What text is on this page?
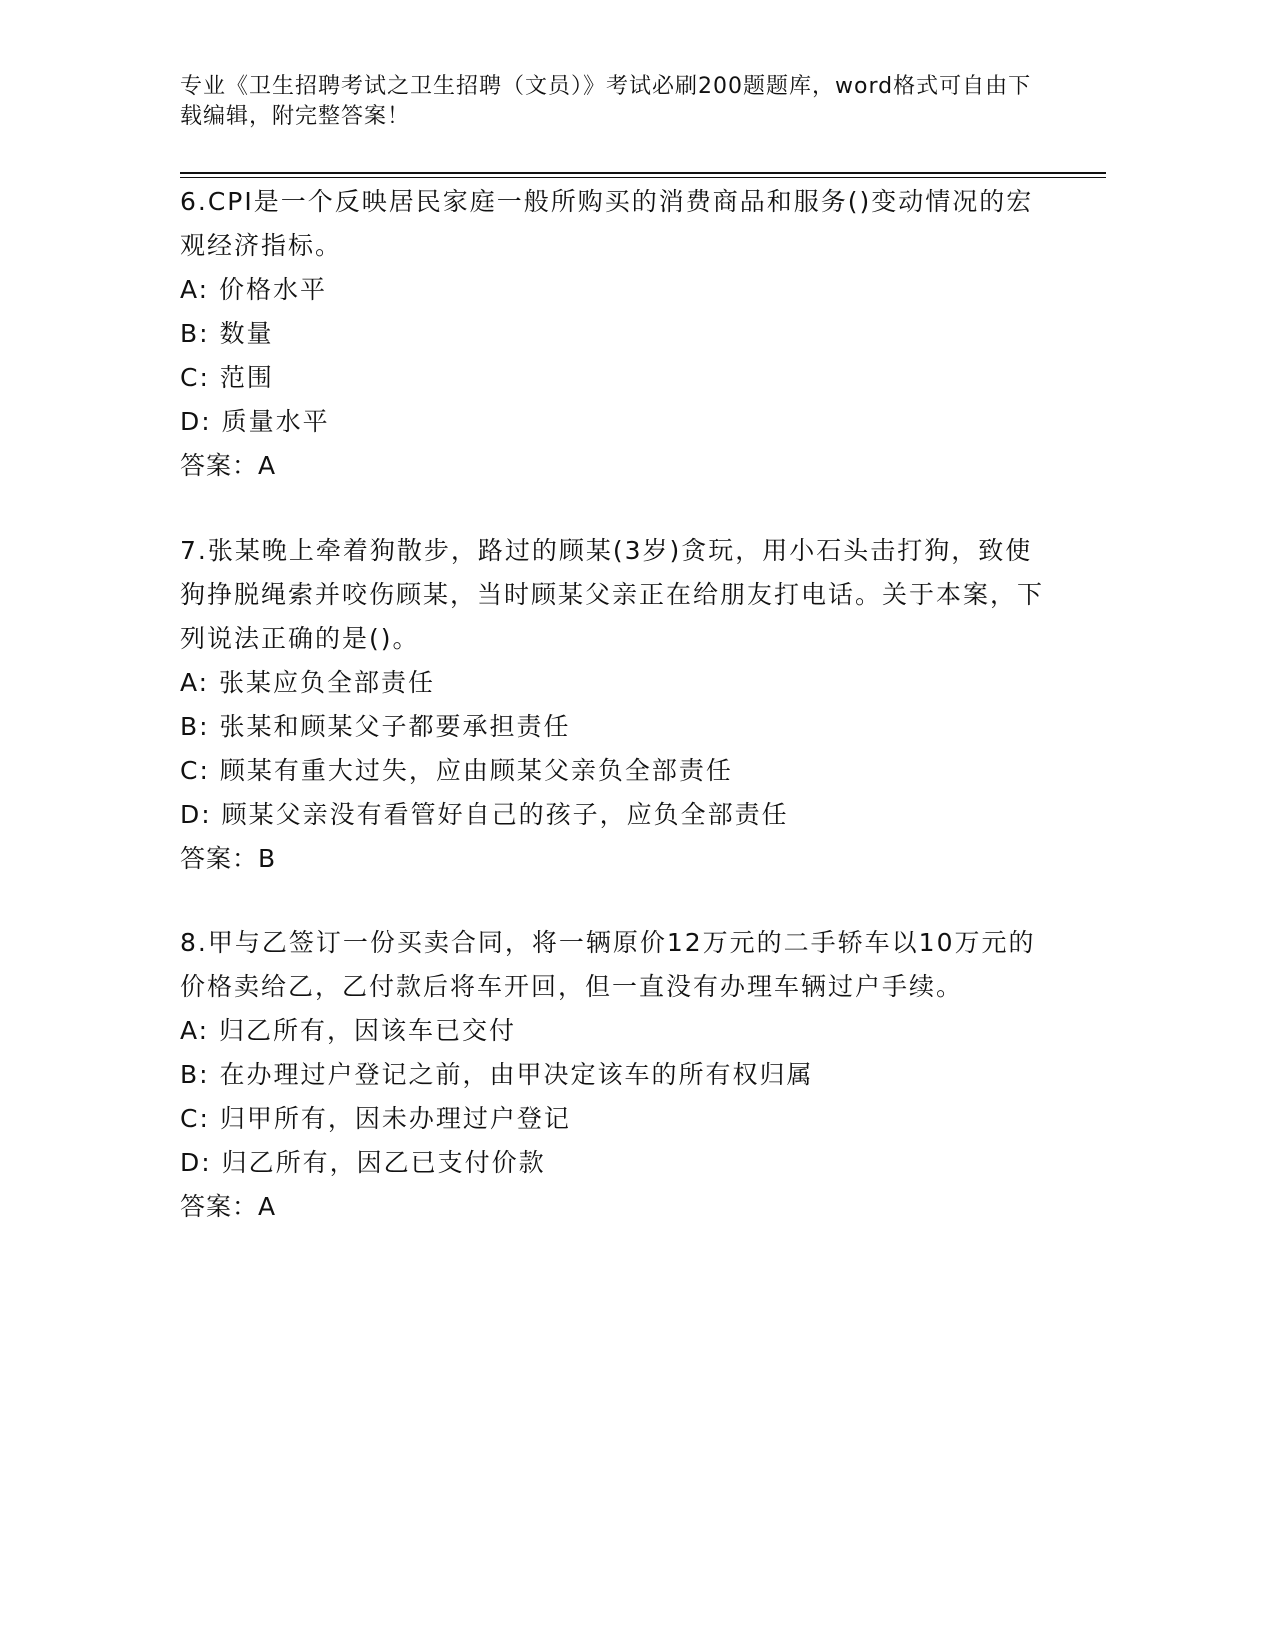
专业《卫生招聘考试之卫生招聘（文员）》考试必刷200题题库，word格式可自由下载编辑，附完整答案！

6.CPI是一个反映居民家庭一般所购买的消费商品和服务()变动情况的宏观经济指标。

A: 价格水平

B: 数量

C: 范围

D: 质量水平

答案：A

7.张某晚上牵着狗散步，路过的顾某(3岁)贪玩，用小石头击打狗，致使狗挣脱绳索并咬伤顾某，当时顾某父亲正在给朋友打电话。关于本案，下列说法正确的是()。

A: 张某应负全部责任

B: 张某和顾某父子都要承担责任

C: 顾某有重大过失，应由顾某父亲负全部责任

D: 顾某父亲没有看管好自己的孩子，应负全部责任

答案：B

8.甲与乙签订一份买卖合同，将一辆原价12万元的二手轿车以10万元的价格卖给乙，乙付款后将车开回，但一直没有办理车辆过户手续。

A: 归乙所有，因该车已交付

B: 在办理过户登记之前，由甲决定该车的所有权归属

C: 归甲所有，因未办理过户登记

D: 归乙所有，因乙已支付价款

答案：A
